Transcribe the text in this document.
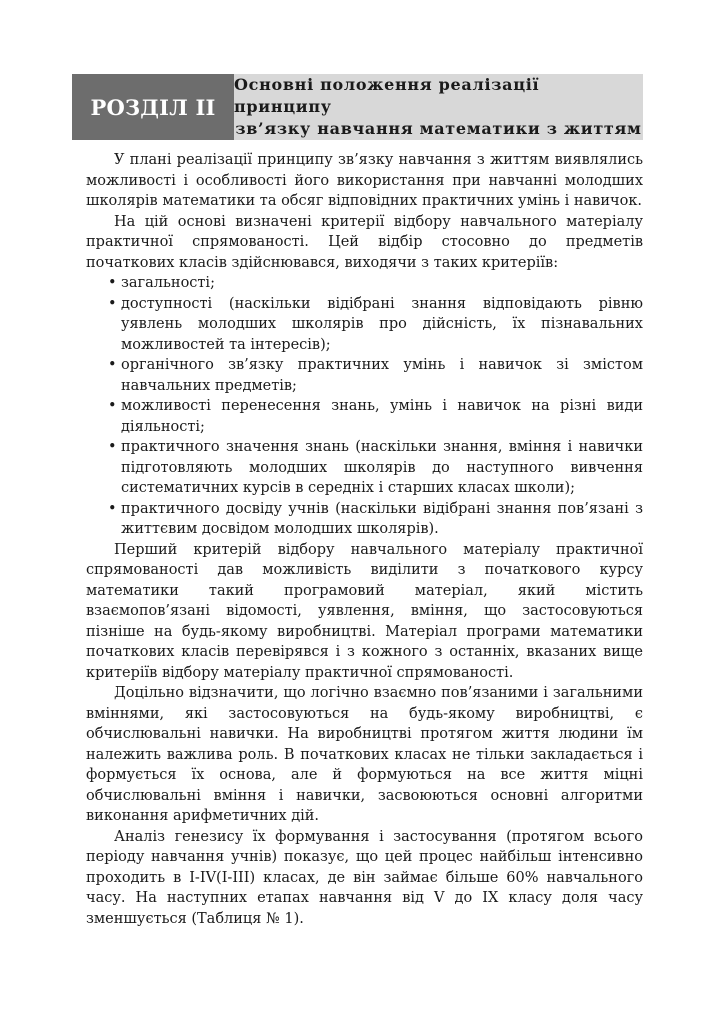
РОЗДІЛ ІІ
Основні положення реалізації принципу
зв’язку навчання математики з життям

У плані реалізації принципу зв’язку навчання з життям виявлялись можливості і особливості його використання при навчанні молодших школярів математики та обсяг відповідних практичних умінь і навичок.

На цій основі визначені критерії відбору навчального матеріалу практичної спрямованості. Цей відбір стосовно до предметів початкових класів здійснювався, виходячи з таких критеріїв:

• загальності;
• доступності (наскільки відібрані знання відповідають рівню уявлень молодших школярів про дійсність, їх пізнавальних можливостей та інтересів);
• органічного зв’язку практичних умінь і навичок зі змістом навчальних предметів;
• можливості перенесення знань, умінь і навичок на різні види діяльності;
• практичного значення знань (наскільки знання, вміння і навички підготовляють молодших школярів до наступного вивчення систематичних курсів в середніх і старших класах школи);
• практичного досвіду учнів (наскільки відібрані знання пов’язані з життєвим досвідом молодших школярів).

Перший критерій відбору навчального матеріалу практичної спрямованості дав можливість виділити з початкового курсу математики такий програмовий матеріал, який містить взаємопов’язані відомості, уявлення, вміння, що застосовуються пізніше на будь-якому виробництві. Матеріал програми математики початкових класів перевірявся і з кожного з останніх, вказаних вище критеріїв відбору матеріалу практичної спрямованості.

Доцільно відзначити, що логічно взаємно пов’язаними і загальними вміннями, які застосовуються на будь-якому виробництві, є обчислювальні навички. На виробництві протягом життя людини їм належить важлива роль. В початкових класах не тільки закладається і формується їх основа, але й формуються на все життя міцні обчислювальні вміння і навички, засвоюються основні алгоритми виконання арифметичних дій.

Аналіз генезису їх формування і застосування (протягом всього періоду навчання учнів) показує, що цей процес найбільш інтенсивно проходить в I-IV(I-III) класах, де він займає більше 60% навчального часу. На наступних етапах навчання від V до IX класу доля часу зменшується (Таблиця № 1).
